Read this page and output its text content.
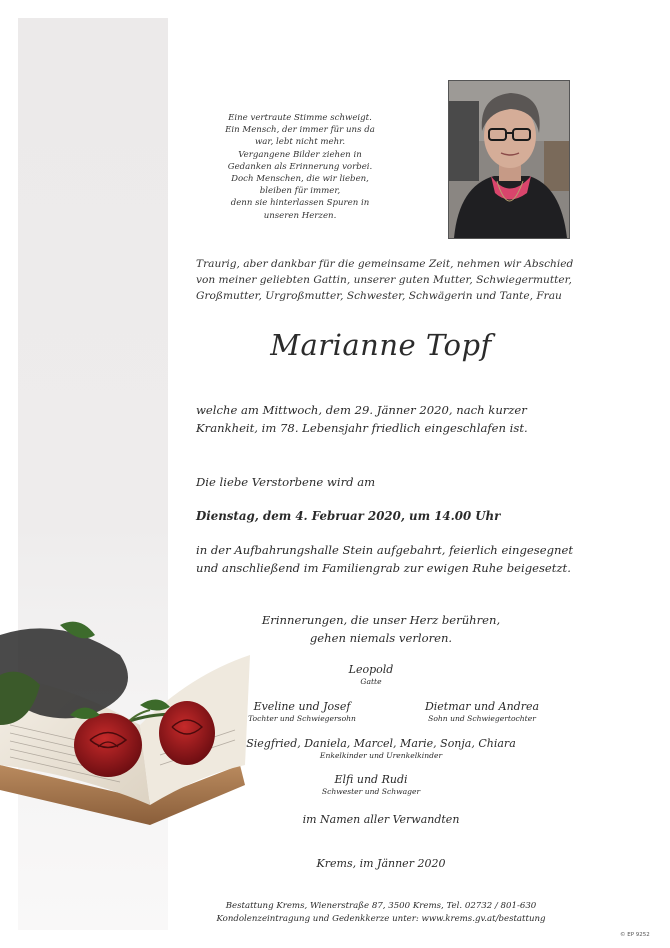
Eine vertraute Stimme schweigt.
Ein Mensch, der immer für uns da
war, lebt nicht mehr.
Vergangene Bilder ziehen in
Gedanken als Erinnerung vorbei.
Doch Menschen, die wir lieben,
bleiben für immer,
denn sie hinterlassen Spuren in
unseren Herzen.
Traurig, aber dankbar für die gemeinsame Zeit, nehmen wir Abschied
von meiner geliebten Gattin, unserer guten Mutter, Schwiegermutter,
Großmutter, Urgroßmutter, Schwester, Schwägerin und Tante, Frau
Marianne Topf
welche am Mittwoch, dem 29. Jänner 2020, nach kurzer
Krankheit, im 78. Lebensjahr friedlich eingeschlafen ist.
Die liebe Verstorbene wird am
Dienstag, dem 4. Februar 2020, um 14.00 Uhr
in der Aufbahrungshalle Stein aufgebahrt, feierlich eingesegnet
und anschließend im Familiengrab zur ewigen Ruhe beigesetzt.
Erinnerungen, die unser Herz berühren,
gehen niemals verloren.
Leopold
Gatte
Eveline und Josef
Tochter und Schwiegersohn
Dietmar und Andrea
Sohn und Schwiegertochter
Siegfried, Daniela, Marcel, Marie, Sonja, Chiara
Enkelkinder und Urenkelkinder
Elfi und Rudi
Schwester und Schwager
im Namen aller Verwandten
Krems, im Jänner 2020
Bestattung Krems, Wienerstraße 87, 3500 Krems, Tel. 02732 / 801-630
Kondolenzeintragung und Gedenkkerze unter: www.krems.gv.at/bestattung
© EP 9252
